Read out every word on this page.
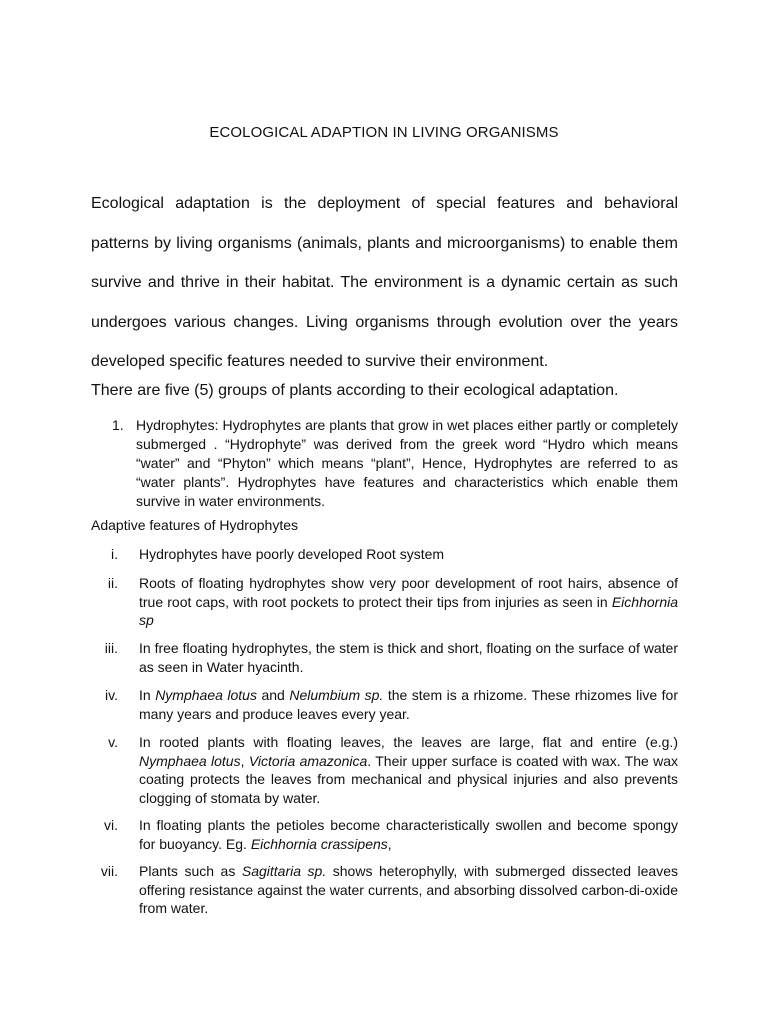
ECOLOGICAL ADAPTION IN LIVING ORGANISMS

Ecological adaptation is the deployment of special features and behavioral patterns by living organisms (animals, plants and microorganisms) to enable them survive and thrive in their habitat. The environment is a dynamic certain as such undergoes various changes. Living organisms through evolution over the years developed specific features needed to survive their environment.

There are five (5) groups of plants according to their ecological adaptation.

1. Hydrophytes: Hydrophytes are plants that grow in wet places either partly or completely submerged . “Hydrophyte” was derived from the greek word “Hydro which means “water” and “Phyton” which means “plant”, Hence, Hydrophytes are referred to as “water plants”. Hydrophytes have features and characteristics which enable them survive in water environments.
Adaptive features of Hydrophytes
i. Hydrophytes have poorly developed Root system
ii. Roots of floating hydrophytes show very poor development of root hairs, absence of true root caps, with root pockets to protect their tips from injuries as seen in Eichhornia sp
iii. In free floating hydrophytes, the stem is thick and short, floating on the surface of water as seen in Water hyacinth.
iv. In Nymphaea lotus and Nelumbium sp. the stem is a rhizome. These rhizomes live for many years and produce leaves every year.
v. In rooted plants with floating leaves, the leaves are large, flat and entire (e.g.) Nymphaea lotus, Victoria amazonica. Their upper surface is coated with wax. The wax coating protects the leaves from mechanical and physical injuries and also prevents clogging of stomata by water.
vi. In floating plants the petioles become characteristically swollen and become spongy for buoyancy. Eg. Eichhornia crassipens,
vii. Plants such as Sagittaria sp. shows heterophylly, with submerged dissected leaves offering resistance against the water currents, and absorbing dissolved carbon-di-oxide from water.
